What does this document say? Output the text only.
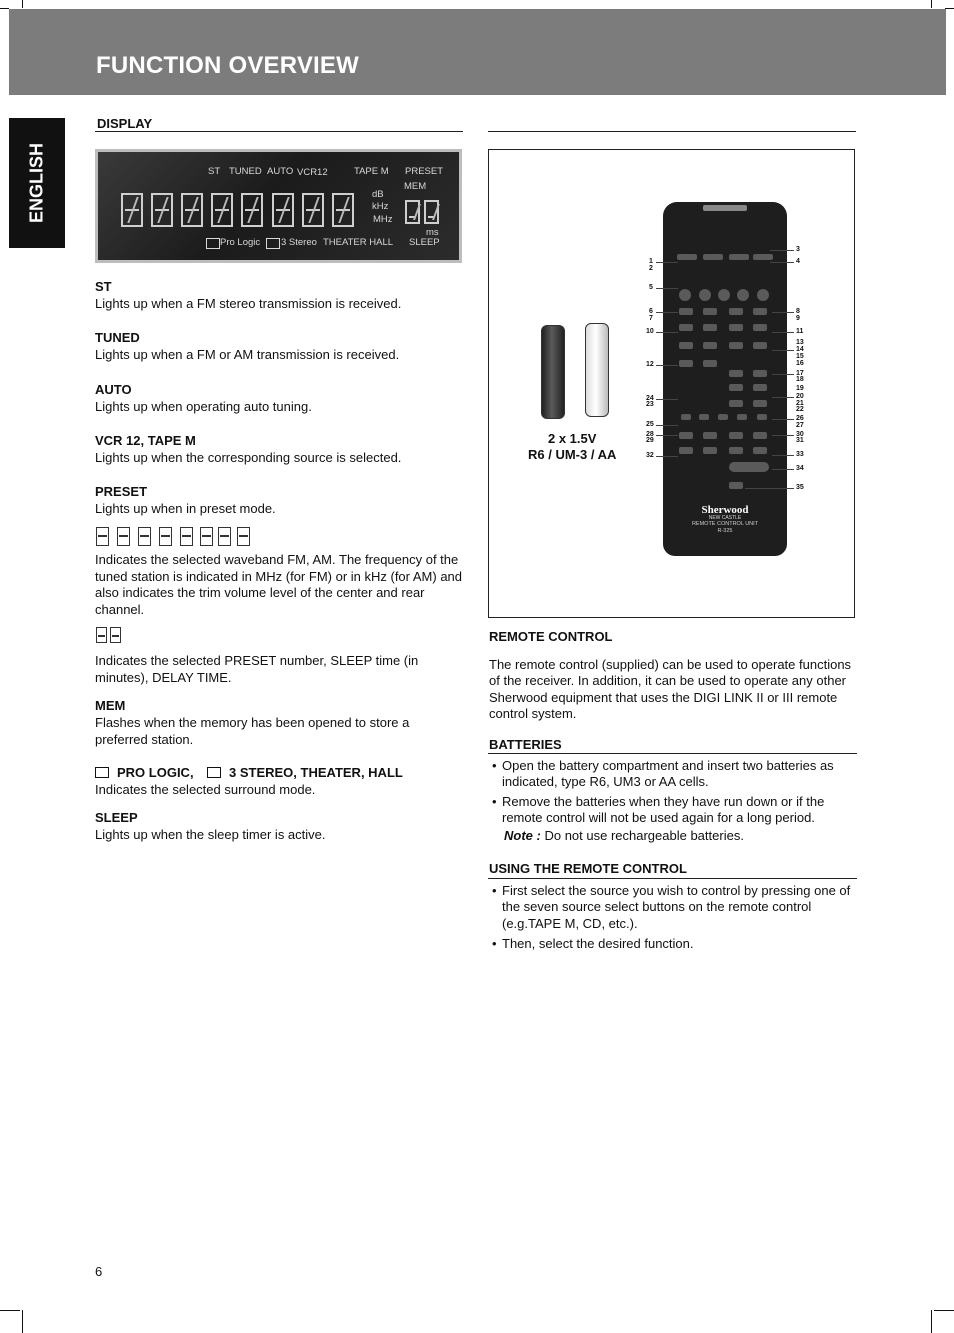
FUNCTION OVERVIEW
ENGLISH
DISPLAY
ST TUNED AUTO VCR12	TAPE M PRESET
MEM
dB
kHz
MHz
ms
Pro Logic 3 Stereo THEATER HALL SLEEP
ST
Lights up when a FM stereo transmission is received.
TUNED
Lights up when a FM or AM transmission is received.
AUTO
Lights up when operating auto tuning.
VCR 12, TAPE M
Lights up when the corresponding source is selected.
PRESET
Lights up when in preset mode.
Indicates the selected waveband FM, AM. The frequency of the tuned station is indicated in MHz (for FM) or in kHz (for AM) and also indicates the trim volume level of the center and rear channel.
Indicates the selected PRESET number, SLEEP time (in minutes), DELAY TIME.
MEM
Flashes when the memory has been opened to store a preferred station.
PRO LOGIC,	3 STEREO, THEATER, HALL
Indicates the selected surround mode.
SLEEP
Lights up when the sleep timer is active.
2 x 1.5V
R6 / UM-3 / AA
Sherwood
NEW CASTLE
REMOTE CONTROL UNIT
R-325
1
2
5
6
7
10
12
24
23
25
28
29
32
3
4
8
9
11
13
14
15
16
17
18
19
20
21
22
26
27
30
31
33
34
35
REMOTE CONTROL
The remote control (supplied) can be used to operate functions of the receiver. In addition, it can be used to operate any other Sherwood equipment that uses the DIGI LINK II or III remote control system.
BATTERIES
• Open the battery compartment and insert two batteries as indicated, type R6, UM3 or AA cells.
• Remove the batteries when they have run down or if the remote control will not be used again for a long period.
Note : Do not use rechargeable batteries.
USING THE REMOTE CONTROL
• First select the source you wish to control by pressing one of the seven source select buttons on the remote control (e.g.TAPE M, CD, etc.).
• Then, select the desired function.
6
